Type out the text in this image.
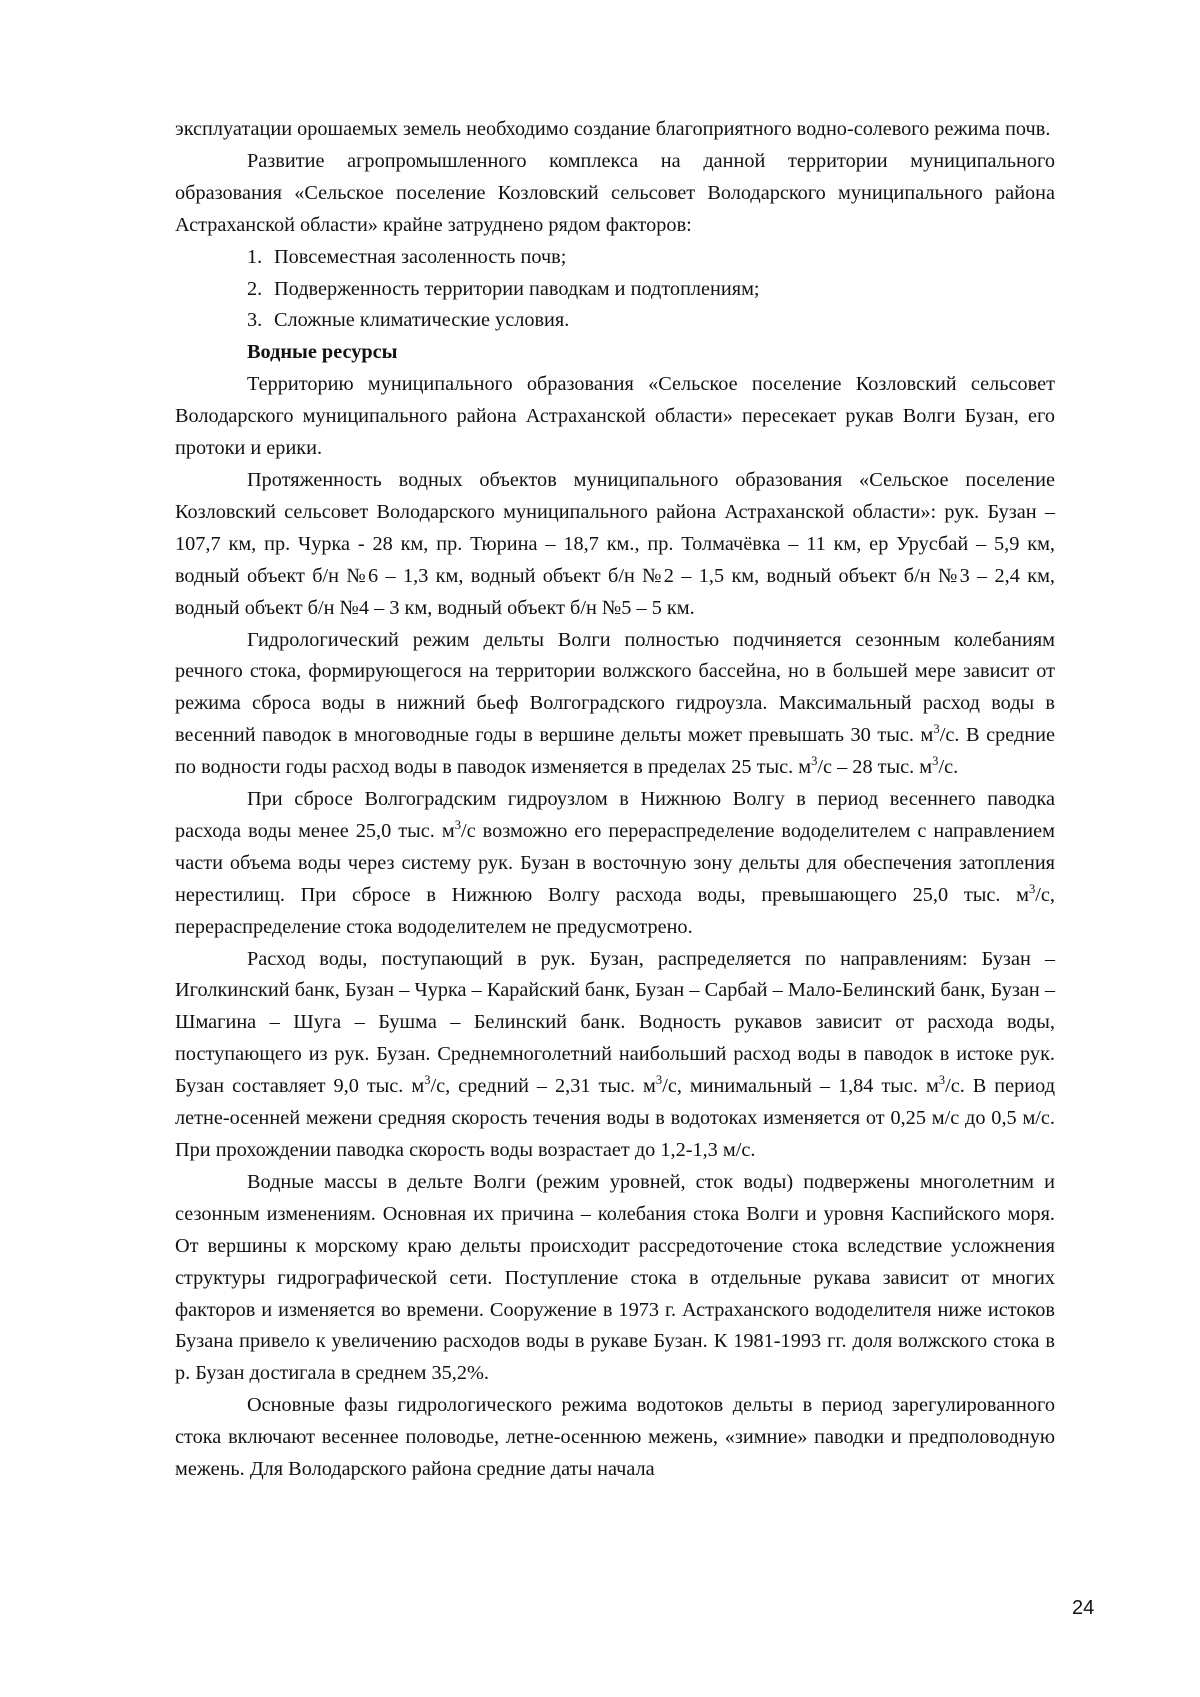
эксплуатации орошаемых земель необходимо создание благоприятного водно-солевого режима почв.

Развитие агропромышленного комплекса на данной территории муниципального образования «Сельское поселение Козловский сельсовет Володарского муниципального района Астраханской области» крайне затруднено рядом факторов:

1. Повсеместная засоленность почв;
2. Подверженность территории паводкам и подтоплениям;
3. Сложные климатические условия.
Водные ресурсы

Территорию муниципального образования «Сельское поселение Козловский сельсовет Володарского муниципального района Астраханской области» пересекает рукав Волги Бузан, его протоки и ерики.

Протяженность водных объектов муниципального образования «Сельское поселение Козловский сельсовет Володарского муниципального района Астраханской области»: рук. Бузан – 107,7 км, пр. Чурка - 28 км, пр. Тюрина – 18,7 км., пр. Толмачёвка – 11 км, ер Урусбай – 5,9 км, водный объект б/н №6 – 1,3 км, водный объект б/н №2 – 1,5 км, водный объект б/н №3 – 2,4 км, водный объект б/н №4 – 3 км, водный объект б/н №5 – 5 км.

Гидрологический режим дельты Волги полностью подчиняется сезонным колебаниям речного стока, формирующегося на территории волжского бассейна, но в большей мере зависит от режима сброса воды в нижний бьеф Волгоградского гидроузла. Максимальный расход воды в весенний паводок в многоводные годы в вершине дельты может превышать 30 тыс. $м^3/с$. В средние по водности годы расход воды в паводок изменяется в пределах 25 тыс. $м^3/с - 28$ тыс. $м^3/с$.

При сбросе Волгоградским гидроузлом в Нижнюю Волгу в период весеннего паводка расхода воды менее 25,0 тыс. $м^3/с$ возможно его перераспределение вододелителем с направлением части объема воды через систему рук. Бузан в восточную зону дельты для обеспечения затопления нерестилищ. При сбросе в Нижнюю Волгу расхода воды, превышающего 25,0 тыс. $м^3/с$, перераспределение стока вододелителем не предусмотрено.

Расход воды, поступающий в рук. Бузан, распределяется по направлениям: Бузан – Иголкинский банк, Бузан – Чурка – Карайский банк, Бузан – Сарбай – Мало-Белинский банк, Бузан – Шмагина – Шуга – Бушма – Белинский банк. Водность рукавов зависит от расхода воды, поступающего из рук. Бузан. Среднемноголетний наибольший расход воды в паводок в истоке рук. Бузан составляет 9,0 тыс. $м^3/с$, средний – 2,31 тыс. $м^3/с$, минимальный – 1,84 тыс. $м^3/с$. В период летне-осенней межени средняя скорость течения воды в водотоках изменяется от 0,25 м/с до 0,5 м/с. При прохождении паводка скорость воды возрастает до 1,2-1,3 м/с.

Водные массы в дельте Волги (режим уровней, сток воды) подвержены многолетним и сезонным изменениям. Основная их причина – колебания стока Волги и уровня Каспийского моря. От вершины к морскому краю дельты происходит рассредоточение стока вследствие усложнения структуры гидрографической сети. Поступление стока в отдельные рукава зависит от многих факторов и изменяется во времени. Сооружение в 1973 г. Астраханского вододелителя ниже истоков Бузана привело к увеличению расходов воды в рукаве Бузан. К 1981-1993 гг. доля волжского стока в р. Бузан достигала в среднем 35,2%.

Основные фазы гидрологического режима водотоков дельты в период зарегулированного стока включают весеннее половодье, летне-осеннюю межень, «зимние» паводки и предполоводную межень. Для Володарского района средние даты начала

24
